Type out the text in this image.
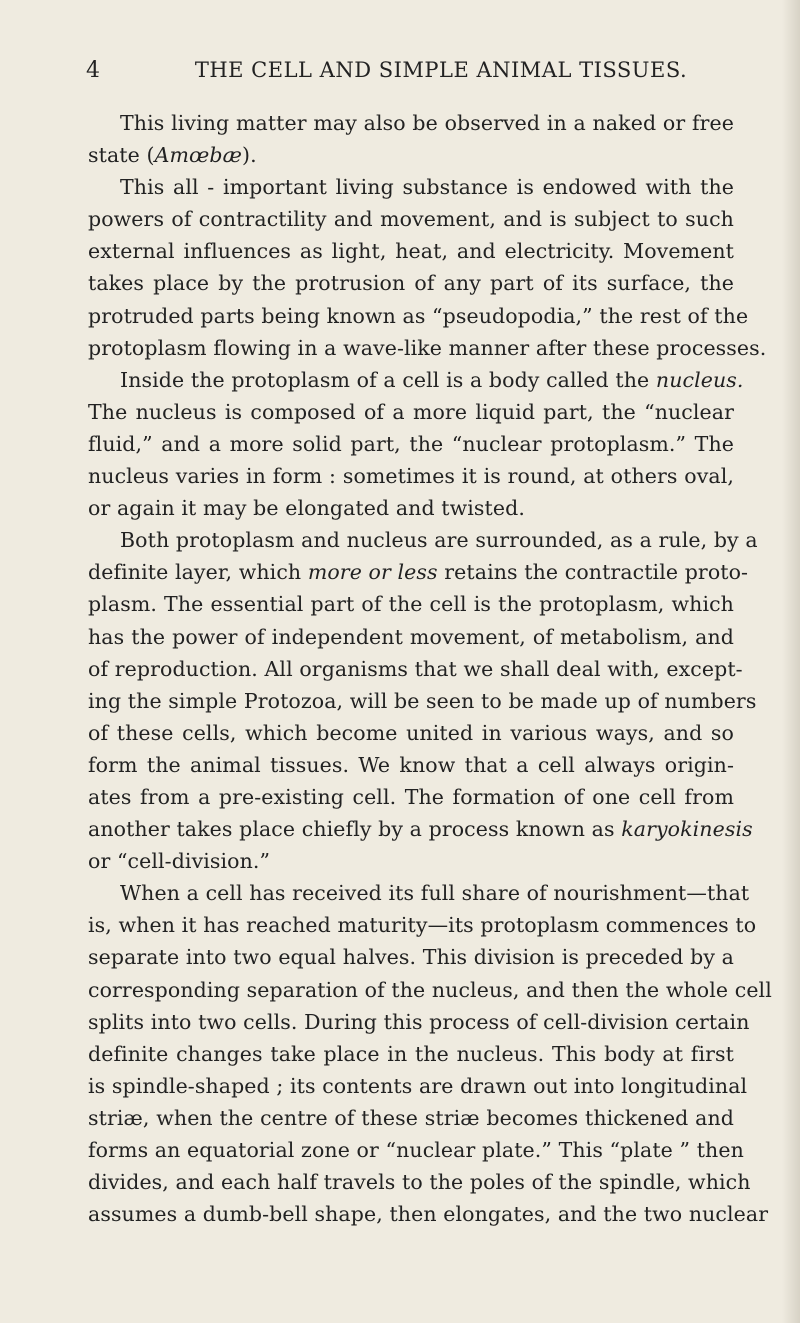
4	THE CELL AND SIMPLE ANIMAL TISSUES.
This living matter may also be observed in a naked or free
state (Amœbæ).
This all - important living substance is endowed with the
powers of contractility and movement, and is subject to such
external influences as light, heat, and electricity. Movement
takes place by the protrusion of any part of its surface, the
protruded parts being known as “pseudopodia,” the rest of the
protoplasm flowing in a wave-like manner after these processes.
Inside the protoplasm of a cell is a body called the nucleus.
The nucleus is composed of a more liquid part, the “nuclear
fluid,” and a more solid part, the “nuclear protoplasm.” The
nucleus varies in form : sometimes it is round, at others oval,
or again it may be elongated and twisted.
Both protoplasm and nucleus are surrounded, as a rule, by a
definite layer, which more or less retains the contractile proto-
plasm. The essential part of the cell is the protoplasm, which
has the power of independent movement, of metabolism, and
of reproduction. All organisms that we shall deal with, except-
ing the simple Protozoa, will be seen to be made up of numbers
of these cells, which become united in various ways, and so
form the animal tissues. We know that a cell always origin-
ates from a pre-existing cell. The formation of one cell from
another takes place chiefly by a process known as karyokinesis
or “cell-division.”
When a cell has received its full share of nourishment—that
is, when it has reached maturity—its protoplasm commences to
separate into two equal halves. This division is preceded by a
corresponding separation of the nucleus, and then the whole cell
splits into two cells. During this process of cell-division certain
definite changes take place in the nucleus. This body at first
is spindle-shaped ; its contents are drawn out into longitudinal
striæ, when the centre of these striæ becomes thickened and
forms an equatorial zone or “nuclear plate.” This “plate ” then
divides, and each half travels to the poles of the spindle, which
assumes a dumb-bell shape, then elongates, and the two nuclear
